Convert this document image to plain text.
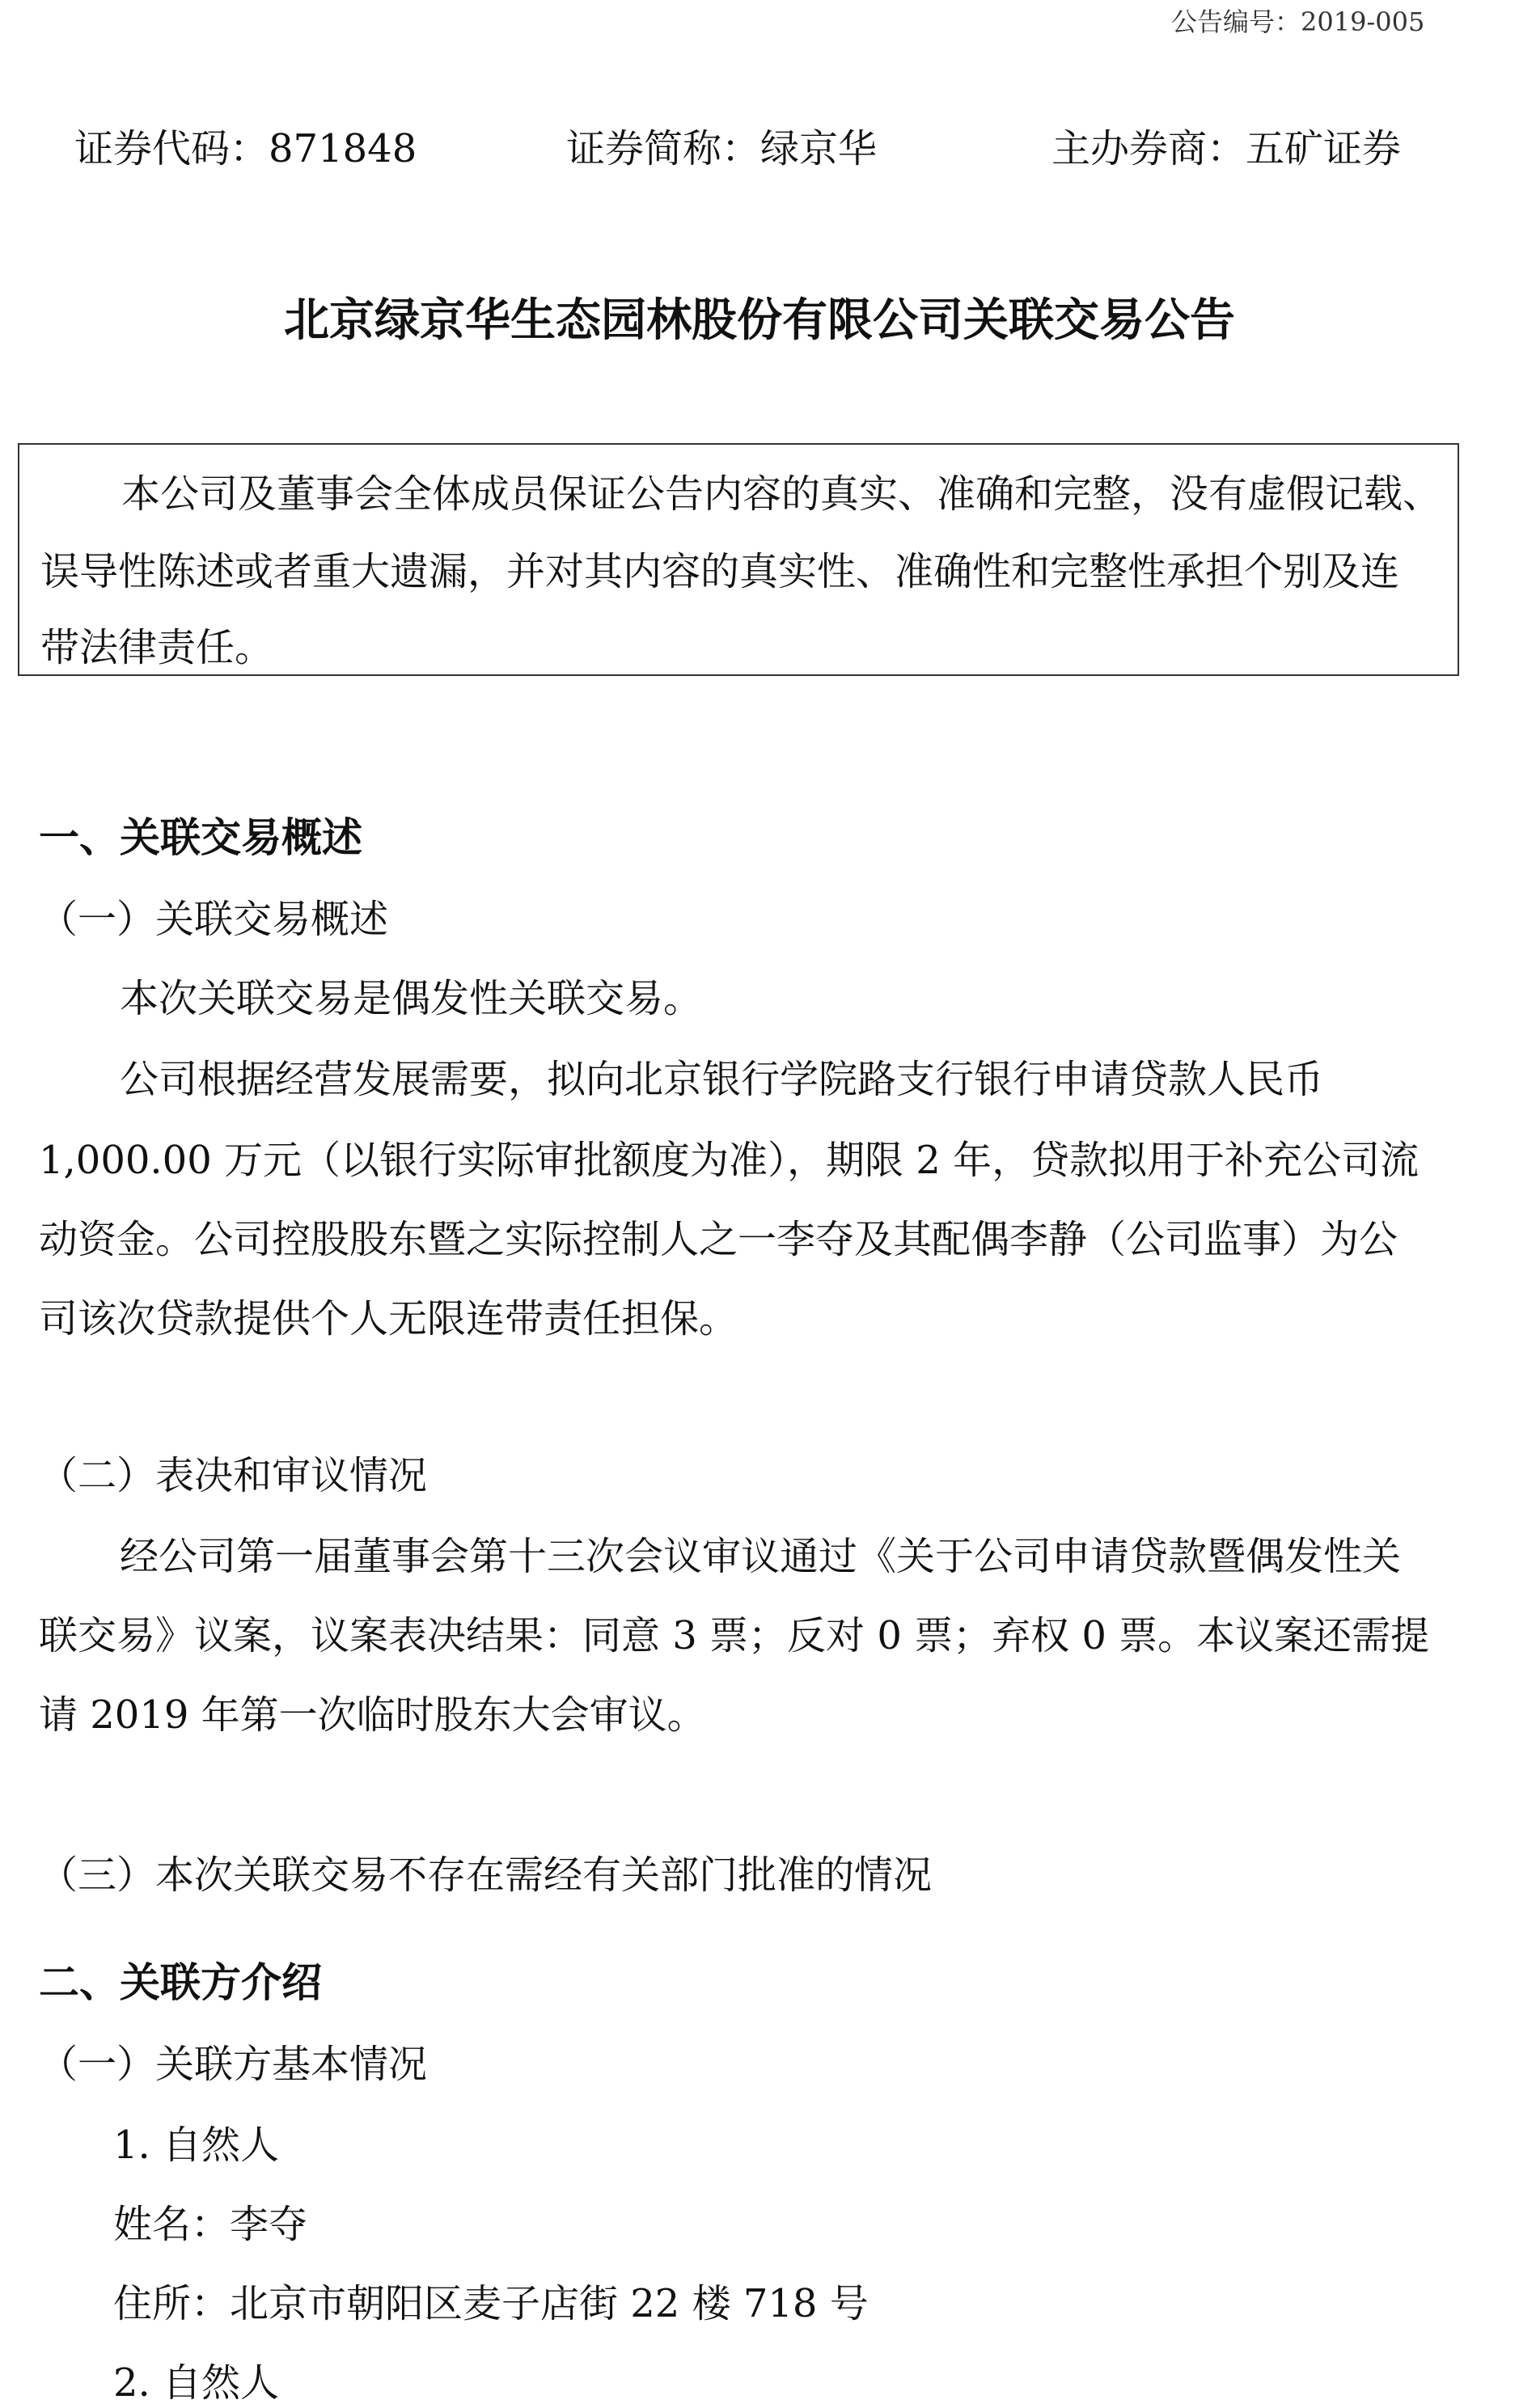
公告编号：2019-005

证券代码：871848	证券简称：绿京华	主办券商：五矿证券

北京绿京华生态园林股份有限公司关联交易公告

本公司及董事会全体成员保证公告内容的真实、准确和完整，没有虚假记载、

误导性陈述或者重大遗漏，并对其内容的真实性、准确性和完整性承担个别及连

带法律责任。

一、关联交易概述

（一）关联交易概述

本次关联交易是偶发性关联交易。

公司根据经营发展需要，拟向北京银行学院路支行银行申请贷款人民币

1,000.00 万元（以银行实际审批额度为准），期限 2 年，贷款拟用于补充公司流

动资金。公司控股股东暨之实际控制人之一李夺及其配偶李静（公司监事）为公

司该次贷款提供个人无限连带责任担保。

（二）表决和审议情况

经公司第一届董事会第十三次会议审议通过《关于公司申请贷款暨偶发性关

联交易》议案，议案表决结果：同意 3 票；反对 0 票；弃权 0 票。本议案还需提

请 2019 年第一次临时股东大会审议。

（三）本次关联交易不存在需经有关部门批准的情况

二、关联方介绍

（一）关联方基本情况

1. 自然人

姓名：李夺

住所：北京市朝阳区麦子店街 22 楼 718 号

2. 自然人
